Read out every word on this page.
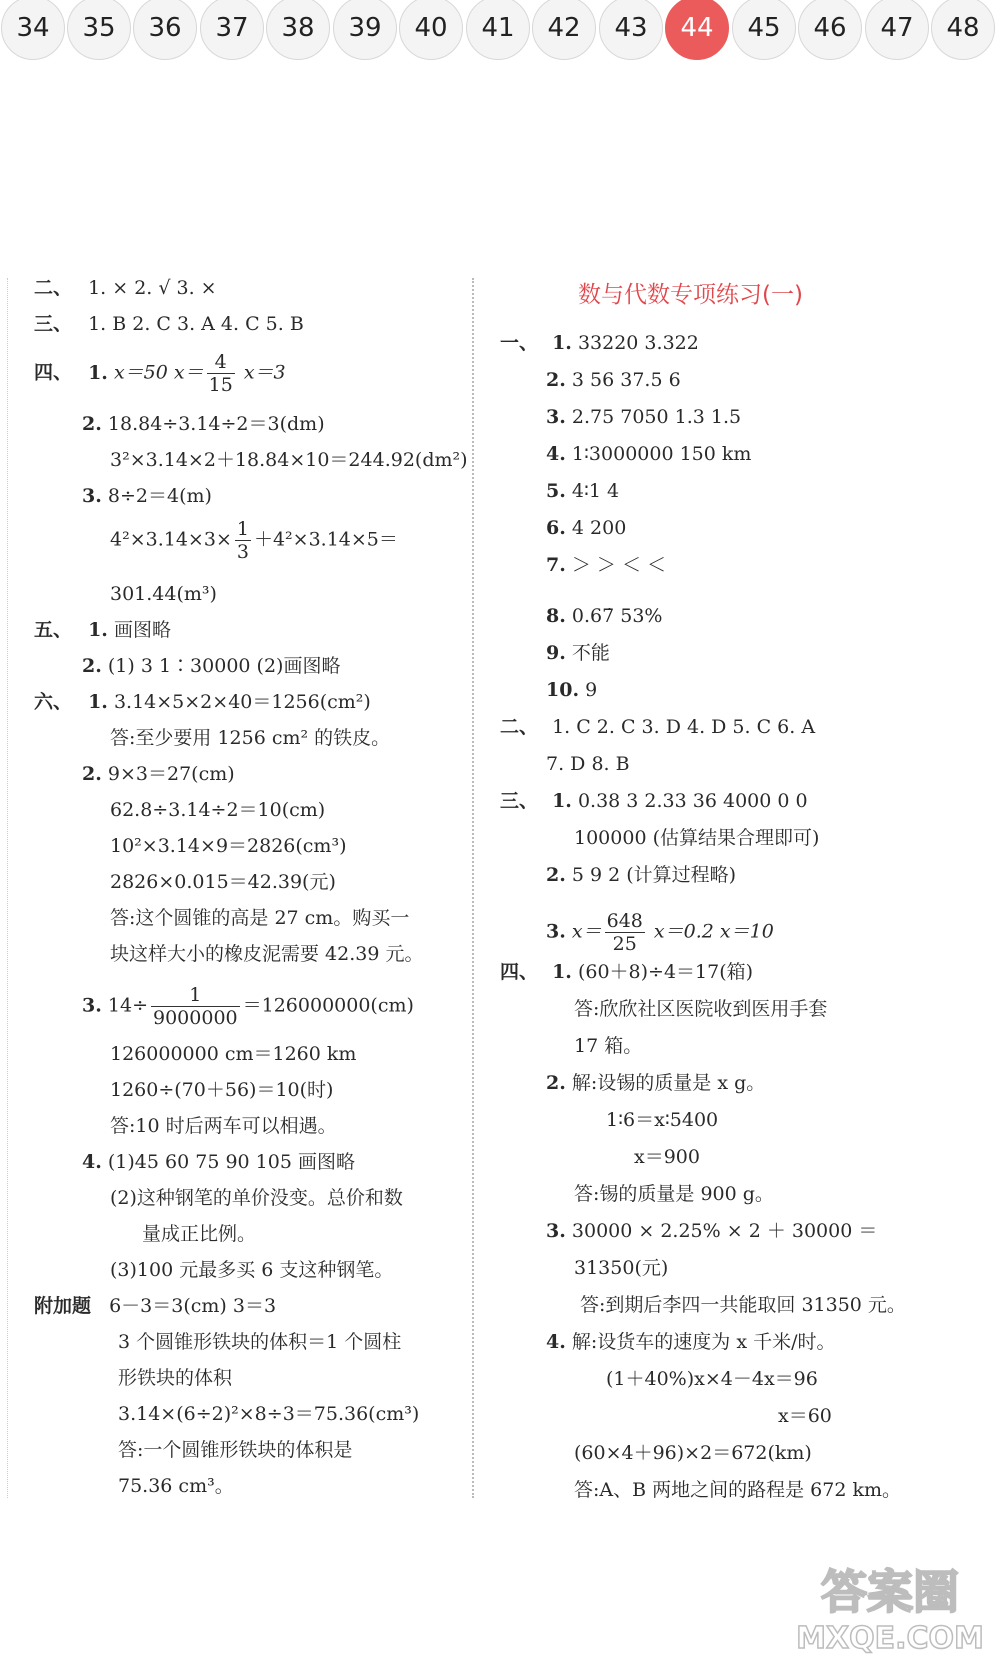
34	35	36	37	38	39	40	41	42	43	44	45	46	47	48
二、 1. × 2. √ 3. ×
三、 1. B 2. C 3. A 4. C 5. B
四、 1. x＝50 $x= \frac{4}{15} x=3$
2. 18.84÷3.14÷2＝3(dm)
3²×3.14×2＋18.84×10＝244.92(dm²)
3. 8÷2＝4(m)
$4^2\times 3.14\times 3\times \frac{1}{3} +4^2\times 3.14\times 5=$
301.44(m³)
五、 1. 画图略
2. (1) 3 1∶30000 (2)画图略
六、 1. 3.14×5×2×40＝1256(cm²)
答:至少要用 1256 cm² 的铁皮。
2. 9×3＝27(cm)
62.8÷3.14÷2＝10(cm)
10²×3.14×9＝2826(cm³)
2826×0.015＝42.39(元)
答:这个圆锥的高是 27 cm。购买一
块这样大小的橡皮泥需要 42.39 元。
3. $14\div \frac{1}{9000000} =126000000(cm)$
126000000 cm＝1260 km
1260÷(70＋56)＝10(时)
答:10 时后两车可以相遇。
4. (1)45 60 75 90 105 画图略
(2)这种钢笔的单价没变。总价和数
量成正比例。
(3)100 元最多买 6 支这种钢笔。
附加题 6－3＝3(cm) 3＝3
3 个圆锥形铁块的体积＝1 个圆柱
形铁块的体积
3.14×(6÷2)²×8÷3＝75.36(cm³)
答:一个圆锥形铁块的体积是
75.36 cm³。
数与代数专项练习(一)
一、 1. 33220 3.322
2. 3 56 37.5 6
3. 2.75 7050 1.3 1.5
4. 1∶3000000 150 km
5. 4∶1 4
6. 4 200
7. ＞ ＞ ＜ ＜
8. 0.67̇ 53%
9. 不能
10. 9
二、 1. C 2. C 3. D 4. D 5. C 6. A
7. D 8. B
三、 1. 0.38 3 2.33 36 4000 0 0
100000 (估算结果合理即可)
2. 5 9 2 (计算过程略)
3. $x= \frac{648}{25} x=0.2$ x＝10
四、 1. (60＋8)÷4＝17(箱)
答:欣欣社区医院收到医用手套
17 箱。
2. 解:设锡的质量是 x g。
1∶6＝x∶5400
x＝900
答:锡的质量是 900 g。
3. 30000 × 2.25% × 2 ＋ 30000 ＝
31350(元)
答:到期后李四一共能取回 31350 元。
4. 解:设货车的速度为 x 千米/时。
(1＋40%)x×4－4x＝96
x＝60
(60×4＋96)×2＝672(km)
答:A、B 两地之间的路程是 672 km。
答案圈
MXQE.COM
